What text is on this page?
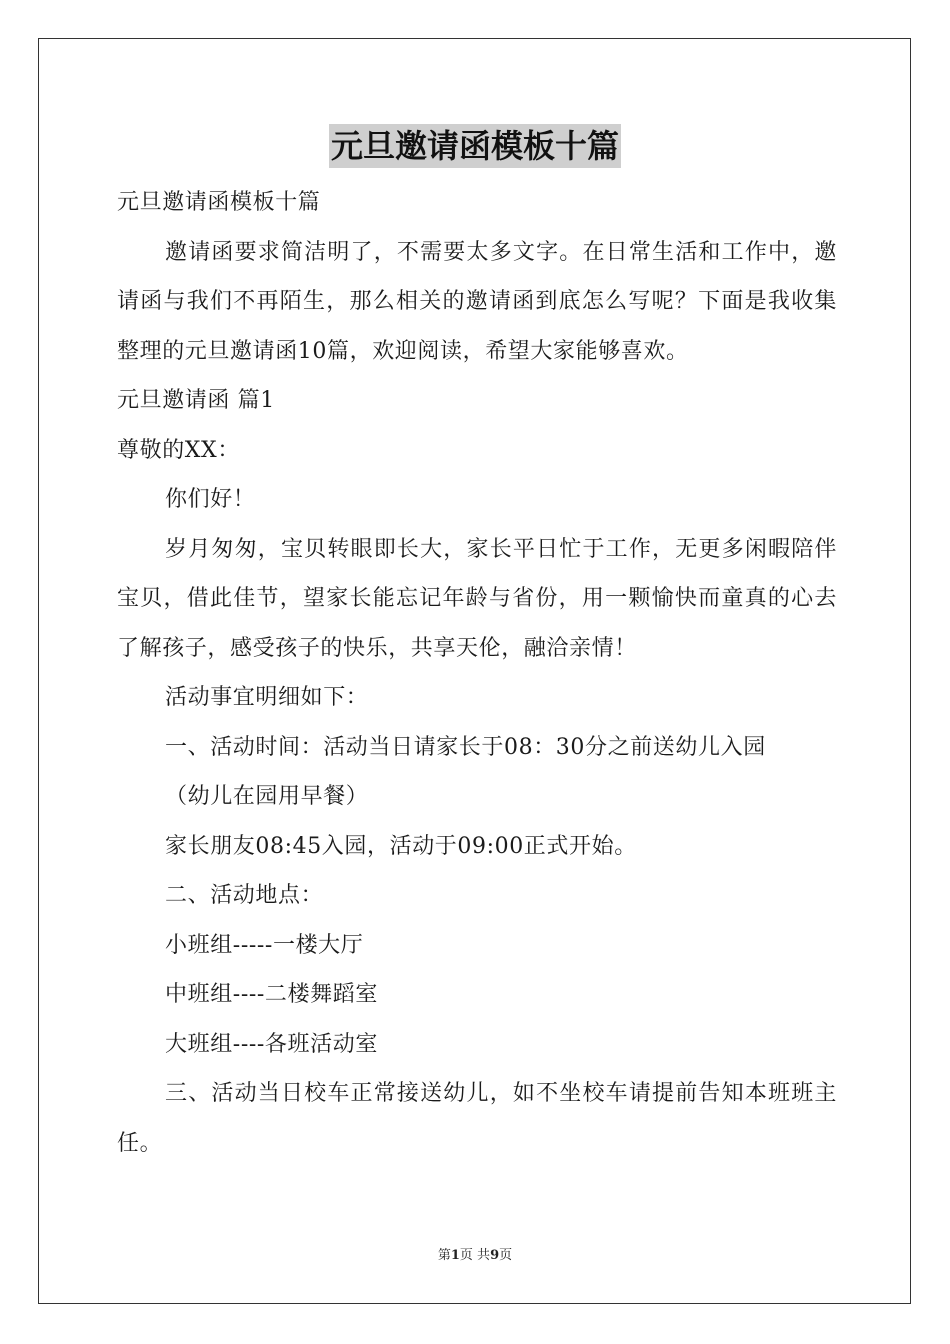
元旦邀请函模板十篇
元旦邀请函模板十篇

邀请函要求简洁明了，不需要太多文字。在日常生活和工作中，邀请函与我们不再陌生，那么相关的邀请函到底怎么写呢？下面是我收集整理的元旦邀请函10篇，欢迎阅读，希望大家能够喜欢。

元旦邀请函 篇1
尊敬的XX：
你们好！

岁月匆匆，宝贝转眼即长大，家长平日忙于工作，无更多闲暇陪伴宝贝，借此佳节，望家长能忘记年龄与省份，用一颗愉快而童真的心去了解孩子，感受孩子的快乐，共享天伦，融洽亲情！

活动事宜明细如下：
一、活动时间：活动当日请家长于08：30分之前送幼儿入园
（幼儿在园用早餐）
家长朋友08:45入园，活动于09:00正式开始。
二、活动地点：
小班组-----一楼大厅
中班组----二楼舞蹈室
大班组----各班活动室

三、活动当日校车正常接送幼儿，如不坐校车请提前告知本班班主任。

第1页 共9页
